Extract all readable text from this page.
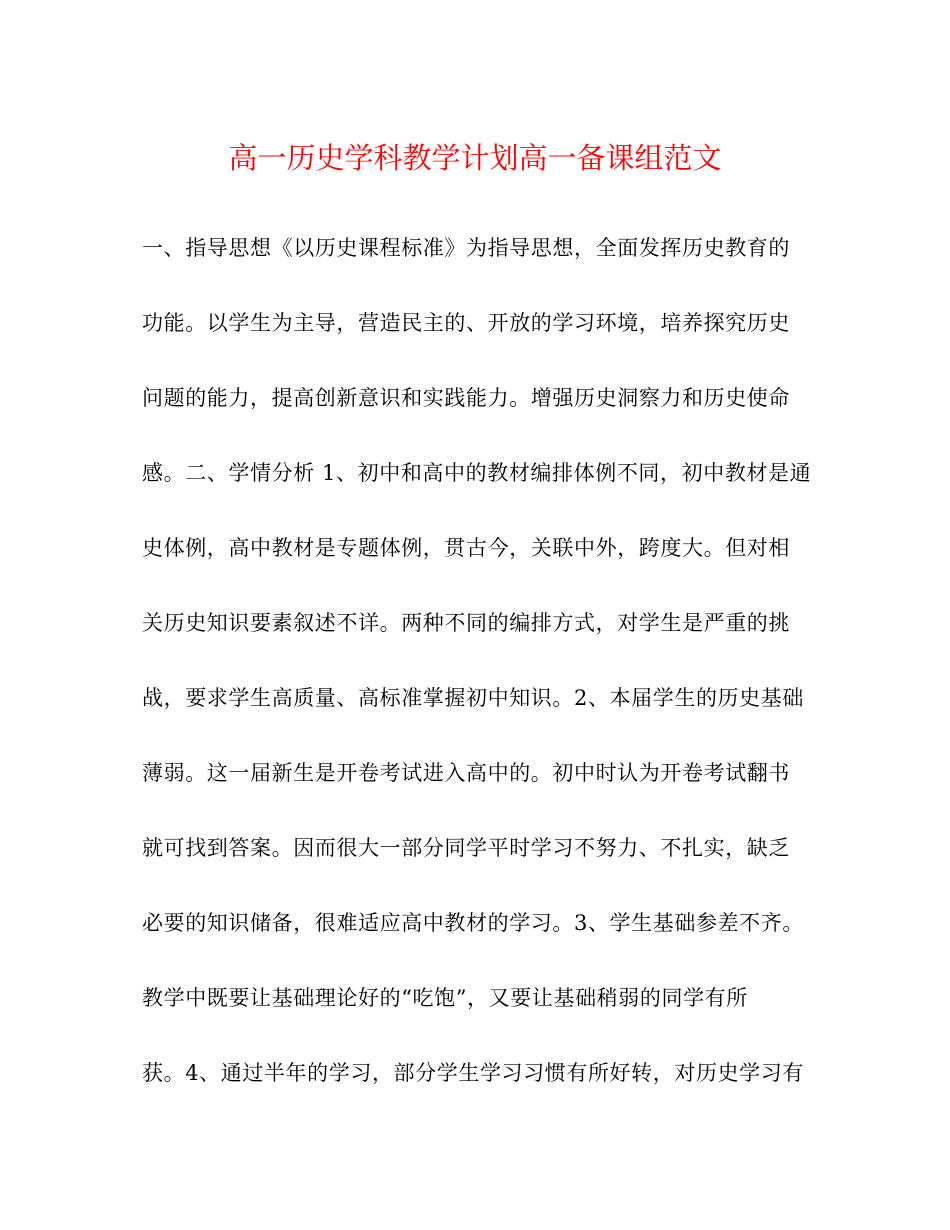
高一历史学科教学计划高一备课组范文
一、指导思想《以历史课程标准》为指导思想，全面发挥历史教育的
功能。以学生为主导，营造民主的、开放的学习环境，培养探究历史
问题的能力，提高创新意识和实践能力。增强历史洞察力和历史使命
感。二、学情分析 1、初中和高中的教材编排体例不同，初中教材是通
史体例，高中教材是专题体例，贯古今，关联中外，跨度大。但对相
关历史知识要素叙述不详。两种不同的编排方式，对学生是严重的挑
战，要求学生高质量、高标准掌握初中知识。2、本届学生的历史基础
薄弱。这一届新生是开卷考试进入高中的。初中时认为开卷考试翻书
就可找到答案。因而很大一部分同学平时学习不努力、不扎实，缺乏
必要的知识储备，很难适应高中教材的学习。3、学生基础参差不齐。
教学中既要让基础理论好的“吃饱”，又要让基础稍弱的同学有所
获。4、通过半年的学习，部分学生学习习惯有所好转，对历史学习有
